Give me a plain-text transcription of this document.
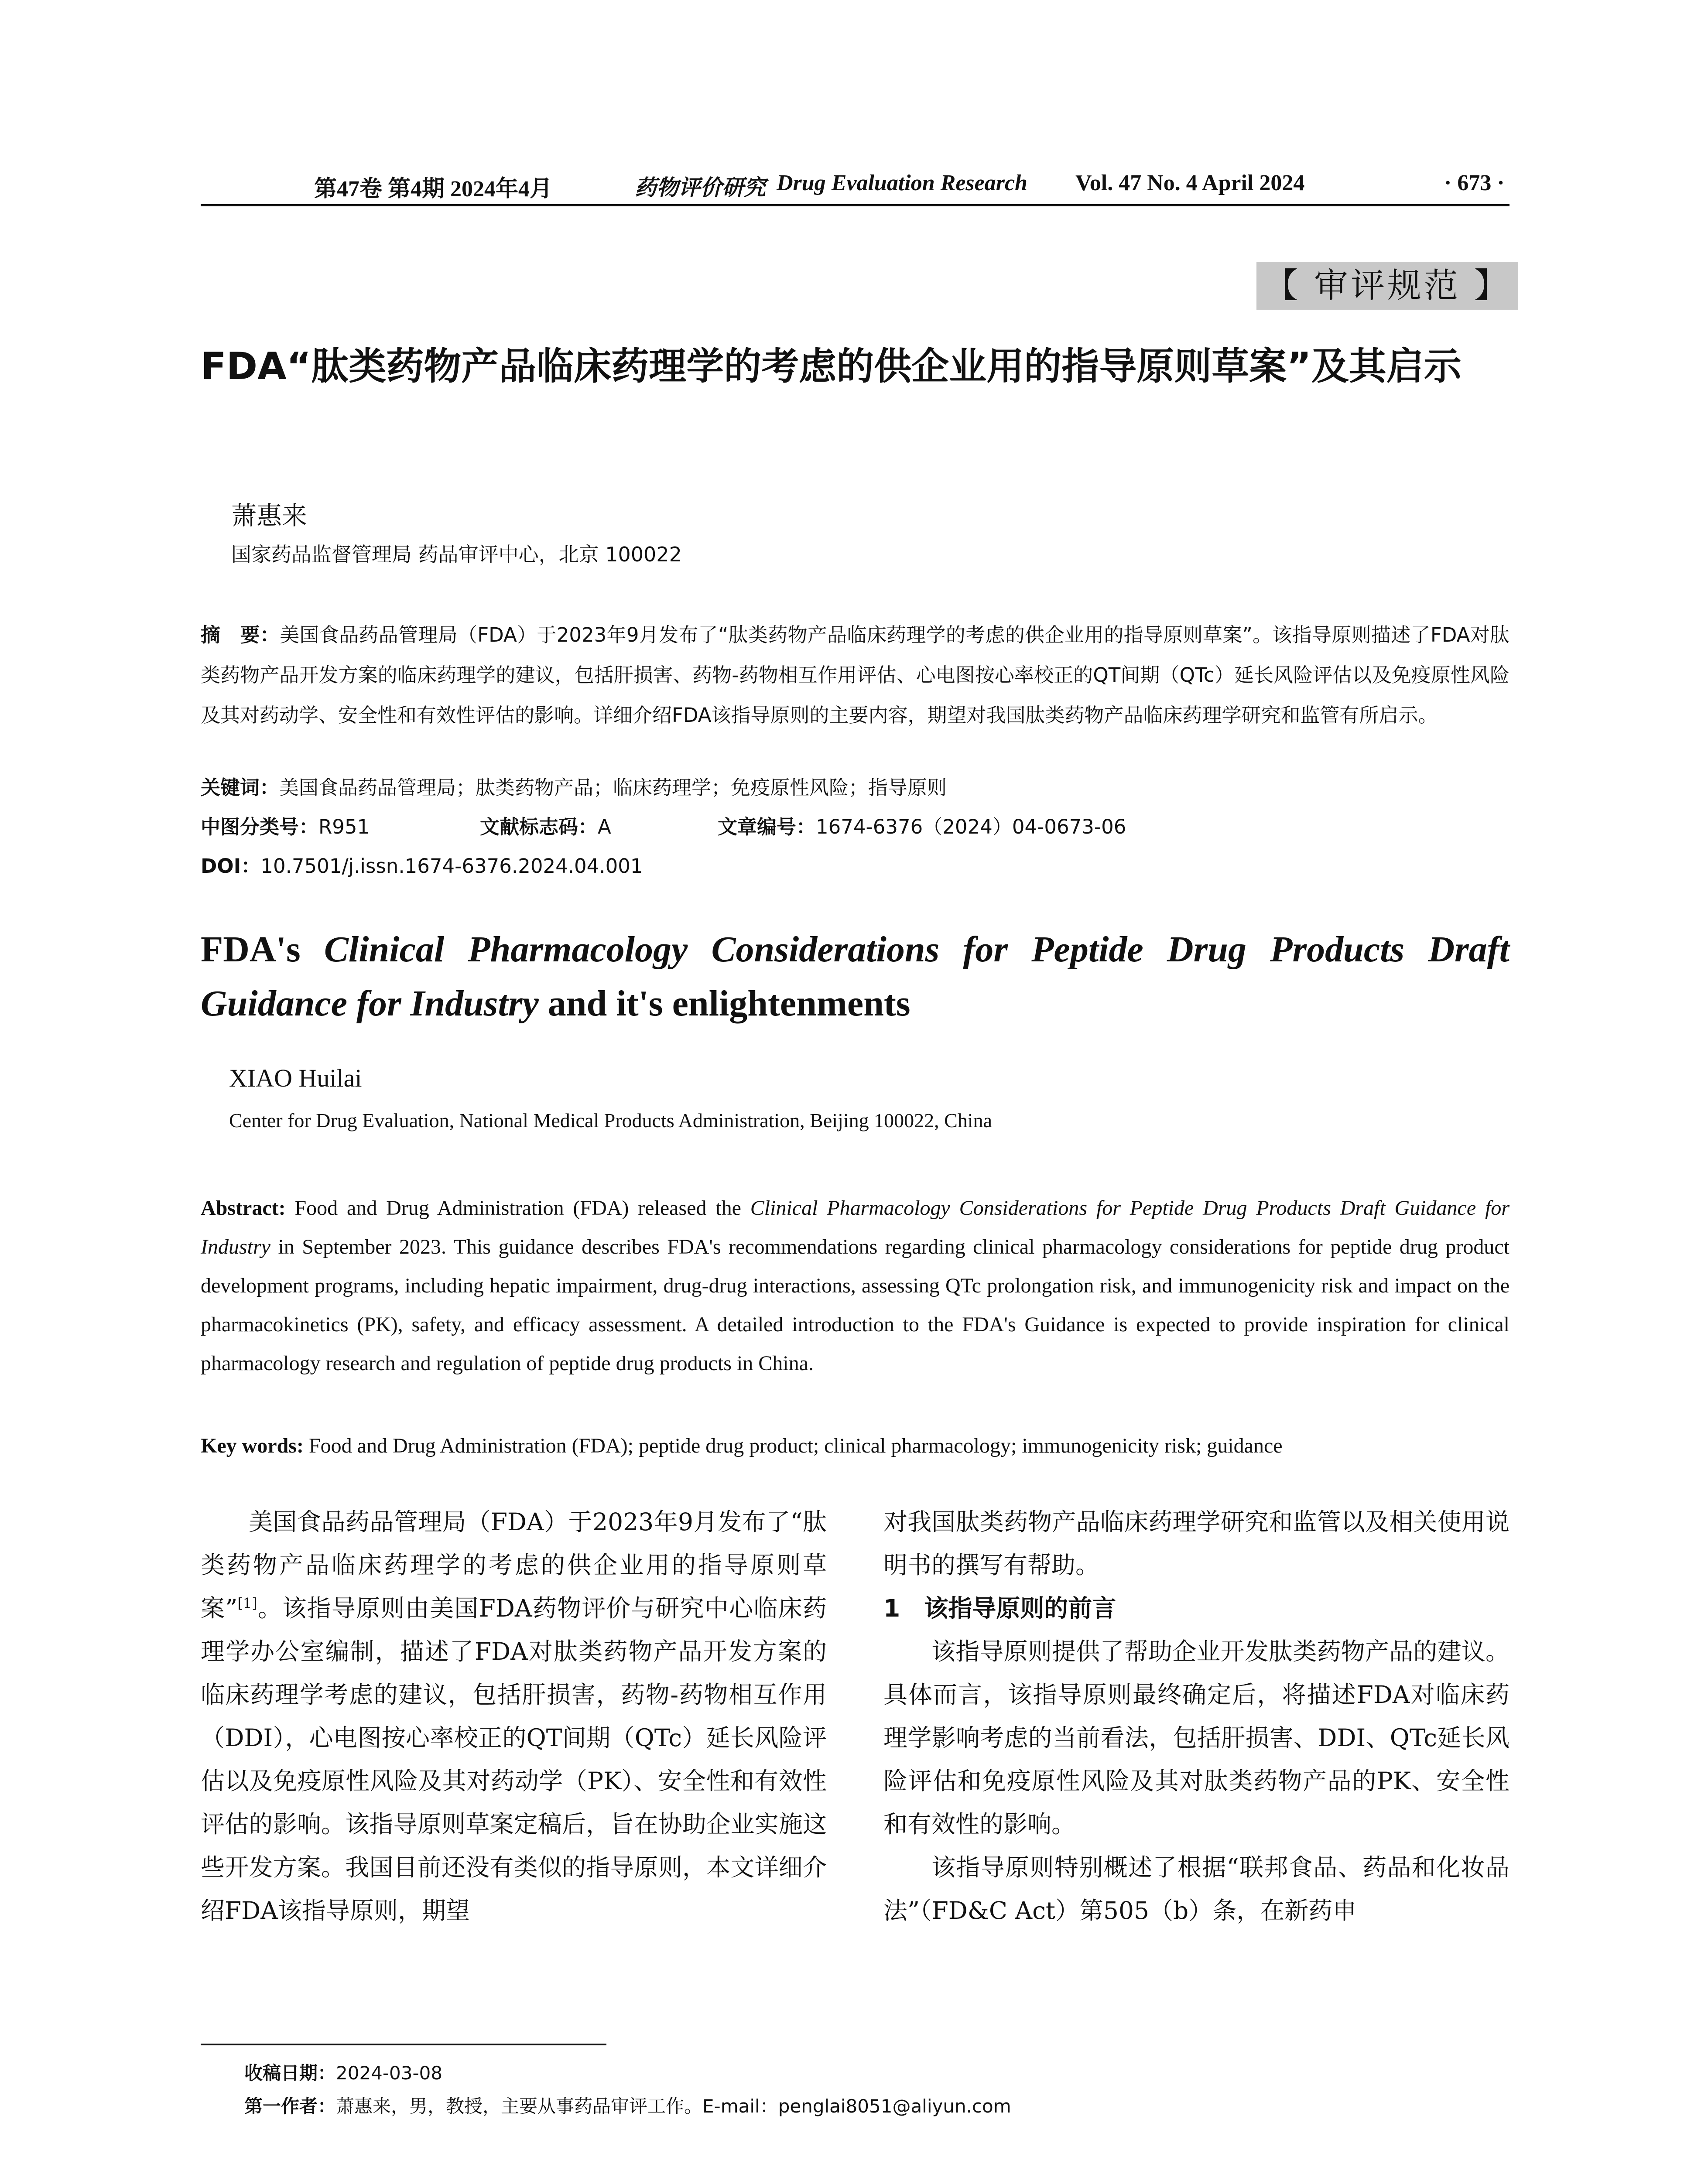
第47卷 第4期 2024年4月	药物评价研究 Drug Evaluation Research Vol. 47 No. 4 April 2024	· 673 ·
【 审评规范 】
FDA“肽类药物产品临床药理学的考虑的供企业用的指导原则草案”及其启示
萧惠来
国家药品监督管理局 药品审评中心，北京 100022
摘　要：美国食品药品管理局（FDA）于2023年9月发布了“肽类药物产品临床药理学的考虑的供企业用的指导原则草案”。该指导原则描述了FDA对肽类药物产品开发方案的临床药理学的建议，包括肝损害、药物-药物相互作用评估、心电图按心率校正的QT间期（QTc）延长风险评估以及免疫原性风险及其对药动学、安全性和有效性评估的影响。详细介绍FDA该指导原则的主要内容，期望对我国肽类药物产品临床药理学研究和监管有所启示。
关键词：美国食品药品管理局；肽类药物产品；临床药理学；免疫原性风险；指导原则
中图分类号：R951	文献标志码：A	文章编号：1674-6376（2024）04-0673-06
DOI：10.7501/j.issn.1674-6376.2024.04.001
FDA's Clinical Pharmacology Considerations for Peptide Drug Products Draft Guidance for Industry and it's enlightenments
XIAO Huilai
Center for Drug Evaluation, National Medical Products Administration, Beijing 100022, China
Abstract: Food and Drug Administration (FDA) released the Clinical Pharmacology Considerations for Peptide Drug Products Draft Guidance for Industry in September 2023. This guidance describes FDA's recommendations regarding clinical pharmacology considerations for peptide drug product development programs, including hepatic impairment, drug-drug interactions, assessing QTc prolongation risk, and immunogenicity risk and impact on the pharmacokinetics (PK), safety, and efficacy assessment. A detailed introduction to the FDA's Guidance is expected to provide inspiration for clinical pharmacology research and regulation of peptide drug products in China.
Key words: Food and Drug Administration (FDA); peptide drug product; clinical pharmacology; immunogenicity risk; guidance

美国食品药品管理局（FDA）于2023年9月发布了“肽类药物产品临床药理学的考虑的供企业用的指导原则草案”[1]。该指导原则由美国FDA药物评价与研究中心临床药理学办公室编制，描述了FDA对肽类药物产品开发方案的临床药理学考虑的建议，包括肝损害，药物-药物相互作用（DDI），心电图按心率校正的QT间期（QTc）延长风险评估以及免疫原性风险及其对药动学（PK）、安全性和有效性评估的影响。该指导原则草案定稿后，旨在协助企业实施这些开发方案。我国目前还没有类似的指导原则，本文详细介绍FDA该指导原则，期望

对我国肽类药物产品临床药理学研究和监管以及相关使用说明书的撰写有帮助。

1　该指导原则的前言

该指导原则提供了帮助企业开发肽类药物产品的建议。具体而言，该指导原则最终确定后，将描述FDA对临床药理学影响考虑的当前看法，包括肝损害、DDI、QTc延长风险评估和免疫原性风险及其对肽类药物产品的PK、安全性和有效性的影响。

该指导原则特别概述了根据“联邦食品、药品和化妆品法”（FD&C Act）第505（b）条，在新药申

收稿日期：2024-03-08
第一作者：萧惠来，男，教授，主要从事药品审评工作。E-mail：penglai8051@aliyun.com
